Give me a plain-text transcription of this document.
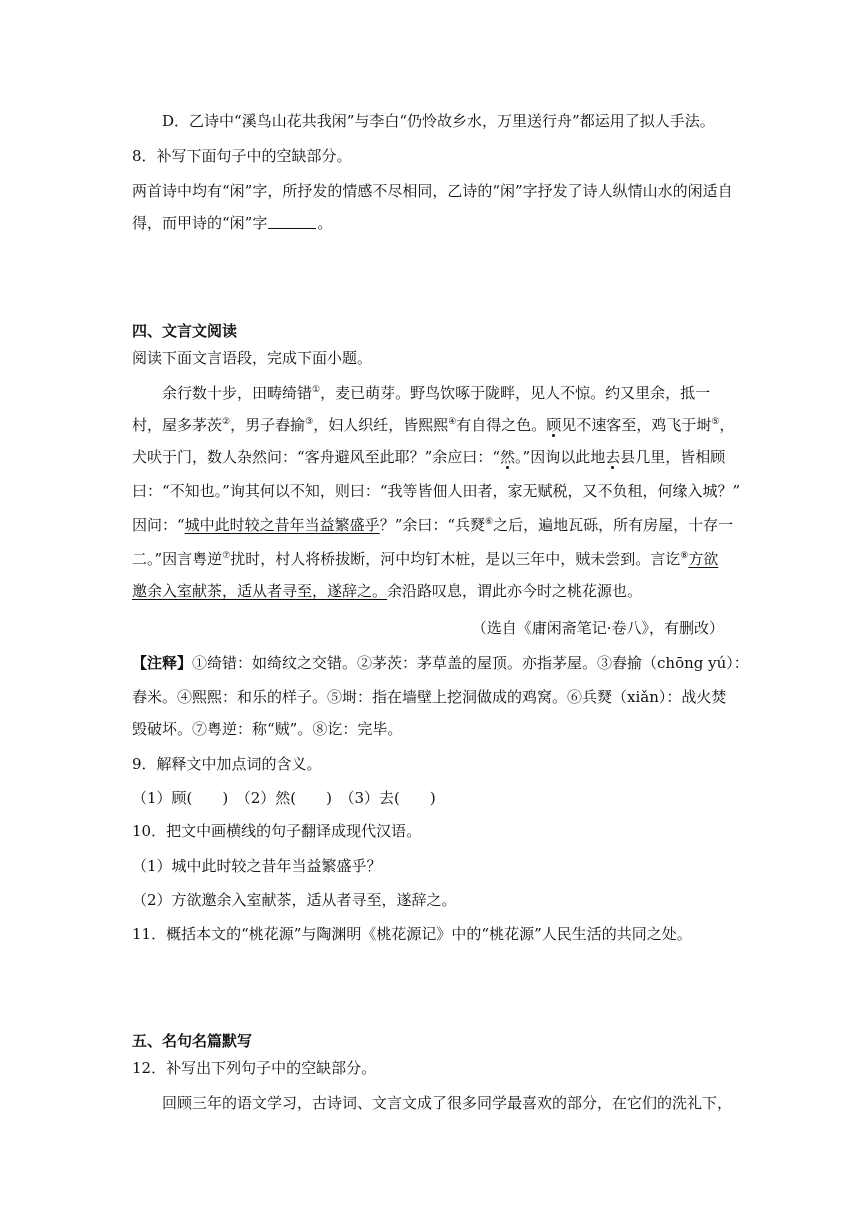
D．乙诗中“溪鸟山花共我闲”与李白“仍怜故乡水，万里送行舟”都运用了拟人手法。
8．补写下面句子中的空缺部分。
两首诗中均有“闲”字，所抒发的情感不尽相同，乙诗的“闲”字抒发了诗人纵情山水的闲适自
得，而甲诗的“闲”字	。
四、文言文阅读
阅读下面文言语段，完成下面小题。
余行数十步，田畴绮错①，麦已萌芽。野鸟饮啄于陇畔，见人不惊。约又里余，抵一
村，屋多茅茨②，男子舂揄③，妇人织纴，皆熙熙④有自得之色。顾见不速客至，鸡飞于埘⑤，
犬吠于门，数人杂然问：“客舟避风至此耶？”余应曰：“然。”因询以此地去县几里，皆相顾
曰：“不知也。”询其何以不知，则曰：“我等皆佃人田者，家无赋税，又不负租，何缘入城？”
因问：“城中此时较之昔年当益繁盛乎？”余曰：“兵燹⑥之后，遍地瓦砾，所有房屋，十存一
二。”因言粤逆⑦扰时，村人将桥拔断，河中均钉木桩，是以三年中，贼未尝到。言讫⑧方欲
邀余入室献茶，适从者寻至，遂辞之。余沿路叹息，谓此亦今时之桃花源也。
（选自《庸闲斋笔记·卷八》，有删改）
【注释】①绮错：如绮纹之交错。②茅茨：茅草盖的屋顶。亦指茅屋。③舂揄（chōng yú）：
舂米。④熙熙：和乐的样子。⑤埘：指在墙壁上挖洞做成的鸡窝。⑥兵燹（xiǎn）：战火焚
毁破坏。⑦粤逆：称“贼”。⑧讫：完毕。
9．解释文中加点词的含义。
（1）顾(　　)　（2）然(　　)　（3）去(　　)
10．把文中画横线的句子翻译成现代汉语。
（1）城中此时较之昔年当益繁盛乎？
（2）方欲邀余入室献茶，适从者寻至，遂辞之。
11．概括本文的“桃花源”与陶渊明《桃花源记》中的“桃花源”人民生活的共同之处。
五、名句名篇默写
12．补写出下列句子中的空缺部分。
回顾三年的语文学习，古诗词、文言文成了很多同学最喜欢的部分，在它们的洗礼下，
